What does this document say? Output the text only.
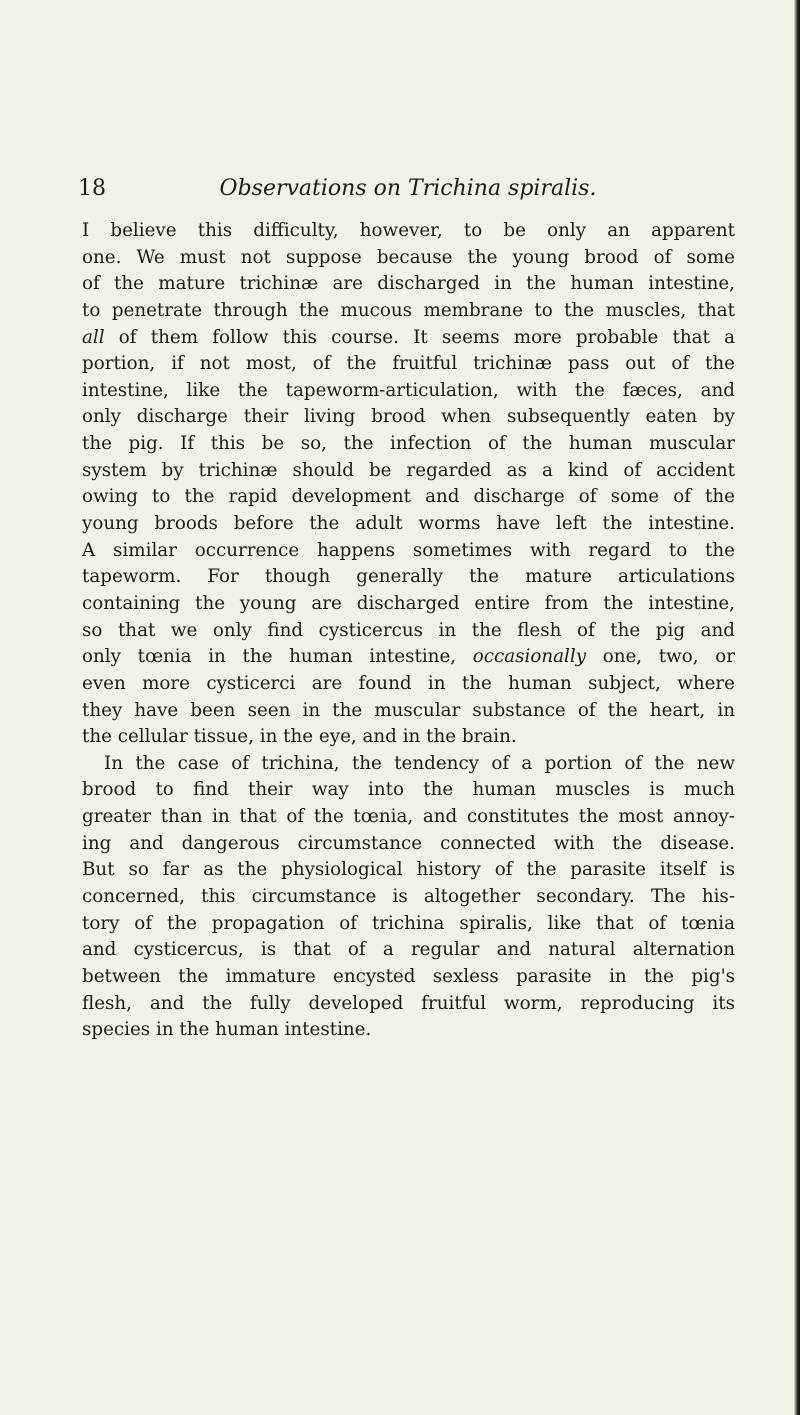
18	Observations on Trichina spiralis.
I believe this difficulty, however, to be only an apparent
one. We must not suppose because the young brood of some
of the mature trichinæ are discharged in the human intestine,
to penetrate through the mucous membrane to the muscles, that
all of them follow this course. It seems more probable that a
portion, if not most, of the fruitful trichinæ pass out of the
intestine, like the tapeworm-articulation, with the fæces, and
only discharge their living brood when subsequently eaten by
the pig. If this be so, the infection of the human muscular
system by trichinæ should be regarded as a kind of accident
owing to the rapid development and discharge of some of the
young broods before the adult worms have left the intestine.
A similar occurrence happens sometimes with regard to the
tapeworm. For though generally the mature articulations
containing the young are discharged entire from the intestine,
so that we only find cysticercus in the flesh of the pig and
only tœnia in the human intestine, occasionally one, two, or
even more cysticerci are found in the human subject, where
they have been seen in the muscular substance of the heart, in
the cellular tissue, in the eye, and in the brain.
In the case of trichina, the tendency of a portion of the new
brood to find their way into the human muscles is much
greater than in that of the tœnia, and constitutes the most annoy-
ing and dangerous circumstance connected with the disease.
But so far as the physiological history of the parasite itself is
concerned, this circumstance is altogether secondary. The his-
tory of the propagation of trichina spiralis, like that of tœnia
and cysticercus, is that of a regular and natural alternation
between the immature encysted sexless parasite in the pig's
flesh, and the fully developed fruitful worm, reproducing its
species in the human intestine.
